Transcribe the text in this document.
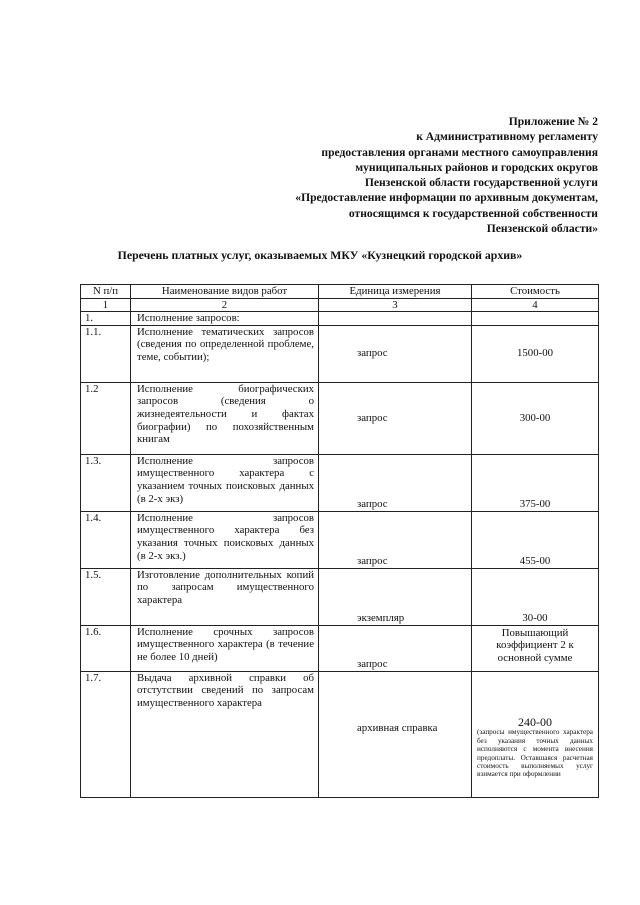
Приложение № 2
к Административному регламенту
предоставления органами местного самоуправления
муниципальных районов и городских округов
Пензенской области государственной услуги
«Предоставление информации по архивным документам,
относящимся к государственной собственности
Пензенской области»
Перечень платных услуг, оказываемых МКУ «Кузнецкий городской архив»
N п/п	Наименование видов работ	Единица измерения	Стоимость
1	2	3	4
1.	Исполнение запросов:		
1.1.	Исполнение тематических запросов (сведения по определенной проблеме, теме, событии);	запрос	1500-00
1.2	Исполнение биографических запросов (сведения о жизнедеятельности и фактах биографии) по похозяйственным книгам	запрос	300-00
1.3.	Исполнение запросов имущественного характера с указанием точных поисковых данных (в 2-х экз)	запрос	375-00
1.4.	Исполнение запросов имущественного характера без указания точных поисковых данных (в 2-х экз.)	запрос	455-00
1.5.	Изготовление дополнительных копий по запросам имущественного характера	экземпляр	30-00
1.6.	Исполнение срочных запросов имущественного характера (в течение не более 10 дней)	запрос	Повышающий коэффициент 2 к основной сумме
1.7.	Выдача архивной справки об отстутствии сведений по запросам имущественного характера	архивная справка	240-00
(запросы имущественного характера без указания точных данных исполняются с момента внесения предоплаты. Оставшаяся расчетная стоимость выполняемых услуг взимается при оформлении
